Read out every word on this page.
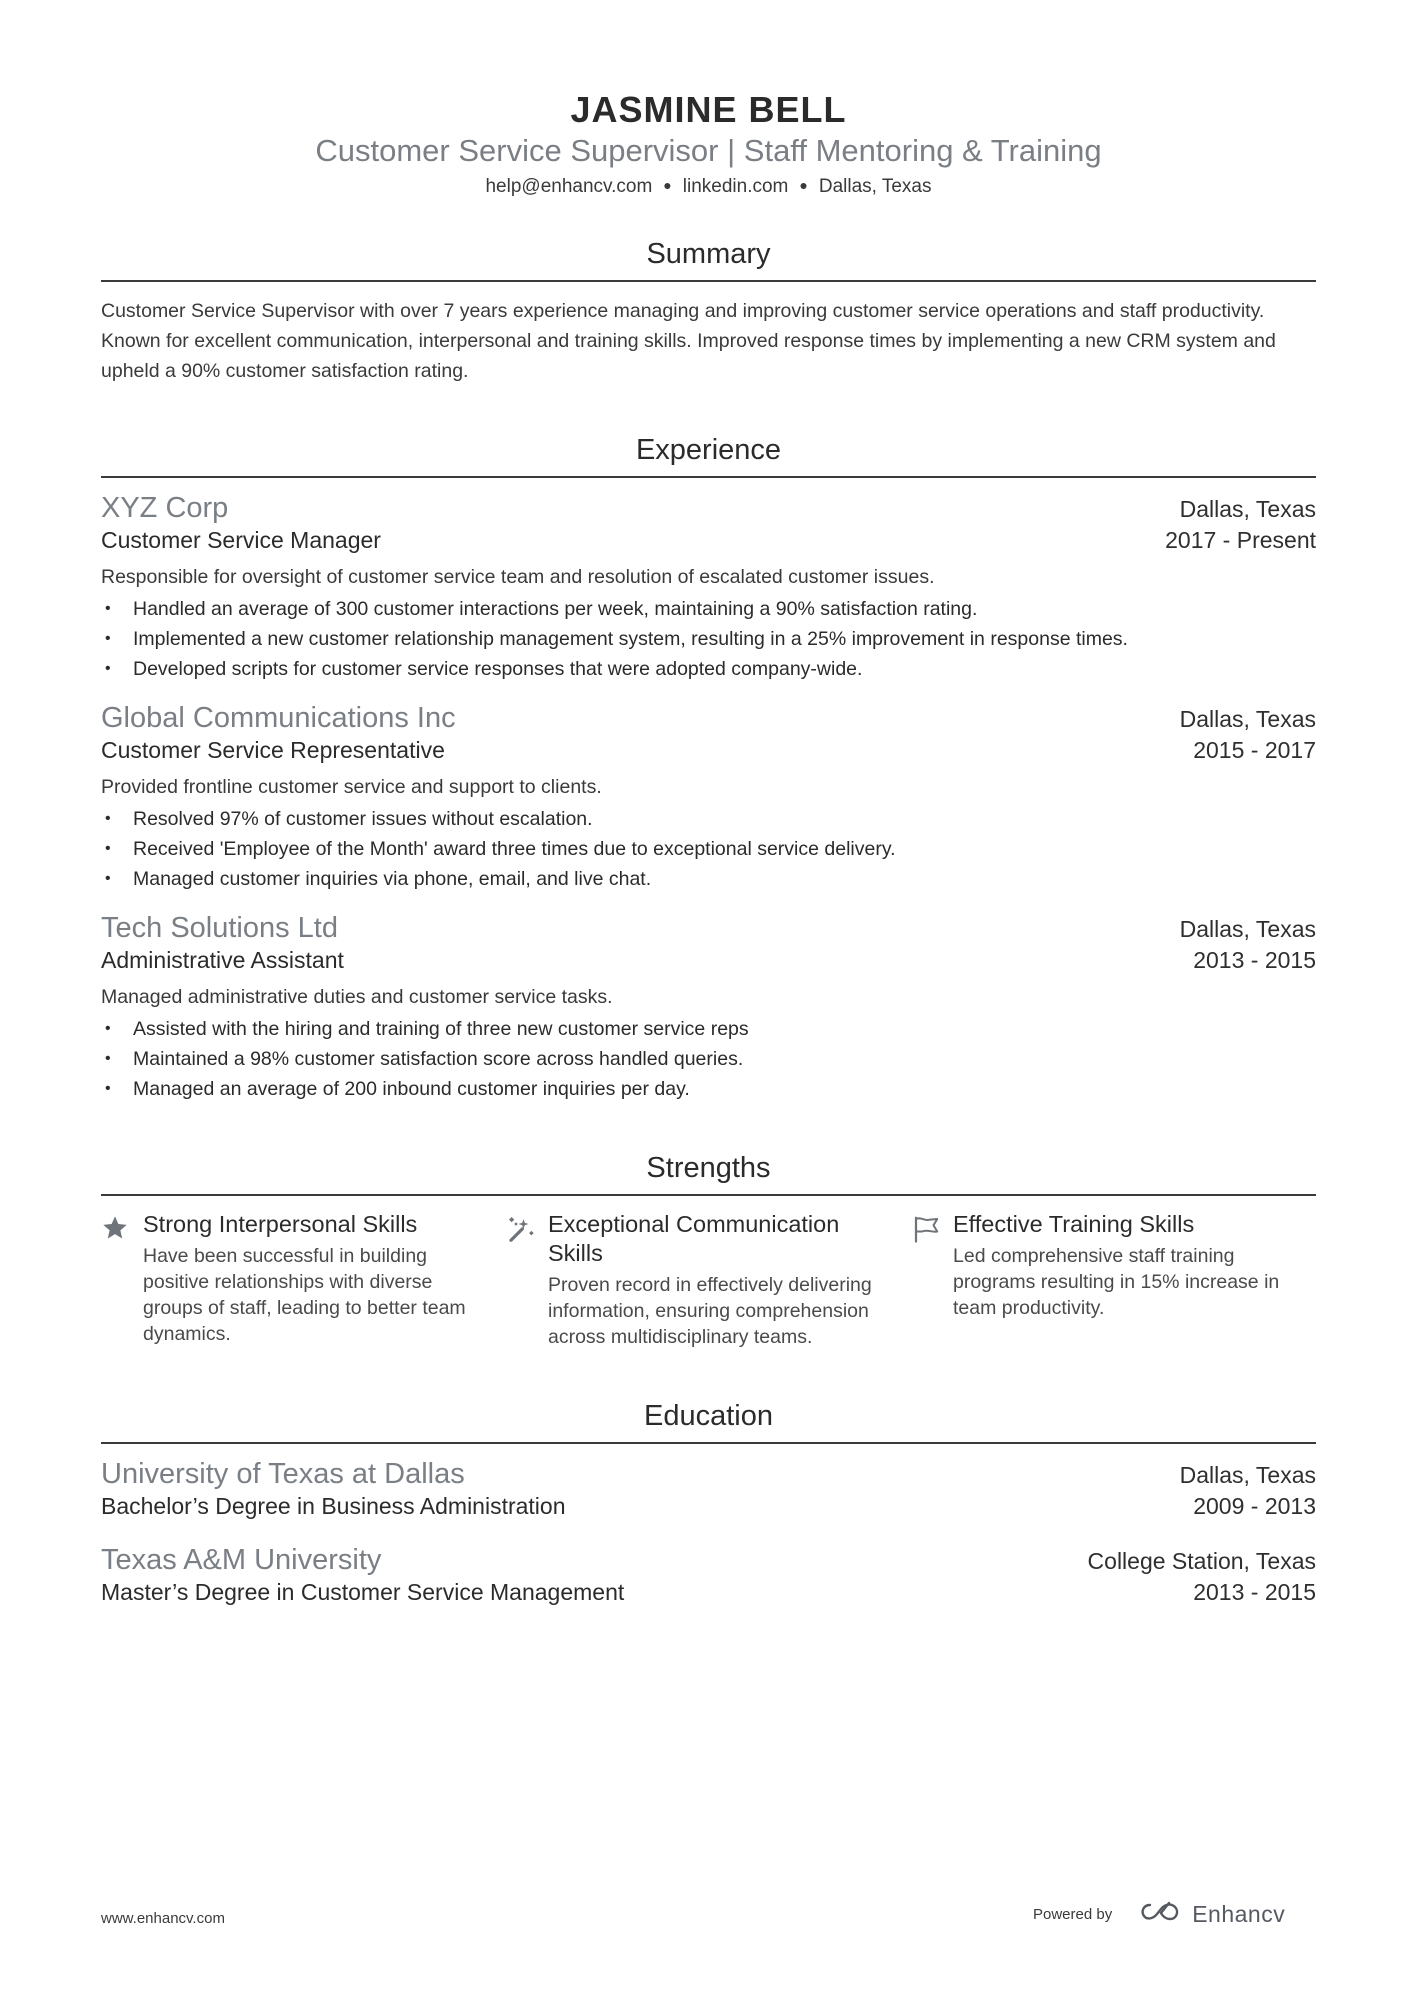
JASMINE BELL
Customer Service Supervisor | Staff Mentoring & Training
help@enhancv.com ● linkedin.com ● Dallas, Texas
Summary
Customer Service Supervisor with over 7 years experience managing and improving customer service operations and staff productivity. Known for excellent communication, interpersonal and training skills. Improved response times by implementing a new CRM system and upheld a 90% customer satisfaction rating.
Experience
XYZ Corp	Dallas, Texas
Customer Service Manager	2017 - Present
Responsible for oversight of customer service team and resolution of escalated customer issues.
• Handled an average of 300 customer interactions per week, maintaining a 90% satisfaction rating.
• Implemented a new customer relationship management system, resulting in a 25% improvement in response times.
• Developed scripts for customer service responses that were adopted company-wide.
Global Communications Inc	Dallas, Texas
Customer Service Representative	2015 - 2017
Provided frontline customer service and support to clients.
• Resolved 97% of customer issues without escalation.
• Received 'Employee of the Month' award three times due to exceptional service delivery.
• Managed customer inquiries via phone, email, and live chat.
Tech Solutions Ltd	Dallas, Texas
Administrative Assistant	2013 - 2015
Managed administrative duties and customer service tasks.
• Assisted with the hiring and training of three new customer service reps
• Maintained a 98% customer satisfaction score across handled queries.
• Managed an average of 200 inbound customer inquiries per day.
Strengths
Strong Interpersonal Skills
Have been successful in building positive relationships with diverse groups of staff, leading to better team dynamics.
Exceptional Communication Skills
Proven record in effectively delivering information, ensuring comprehension across multidisciplinary teams.
Effective Training Skills
Led comprehensive staff training programs resulting in 15% increase in team productivity.
Education
University of Texas at Dallas	Dallas, Texas
Bachelor’s Degree in Business Administration	2009 - 2013
Texas A&M University	College Station, Texas
Master’s Degree in Customer Service Management	2013 - 2015
www.enhancv.com	Powered by	Enhancv
